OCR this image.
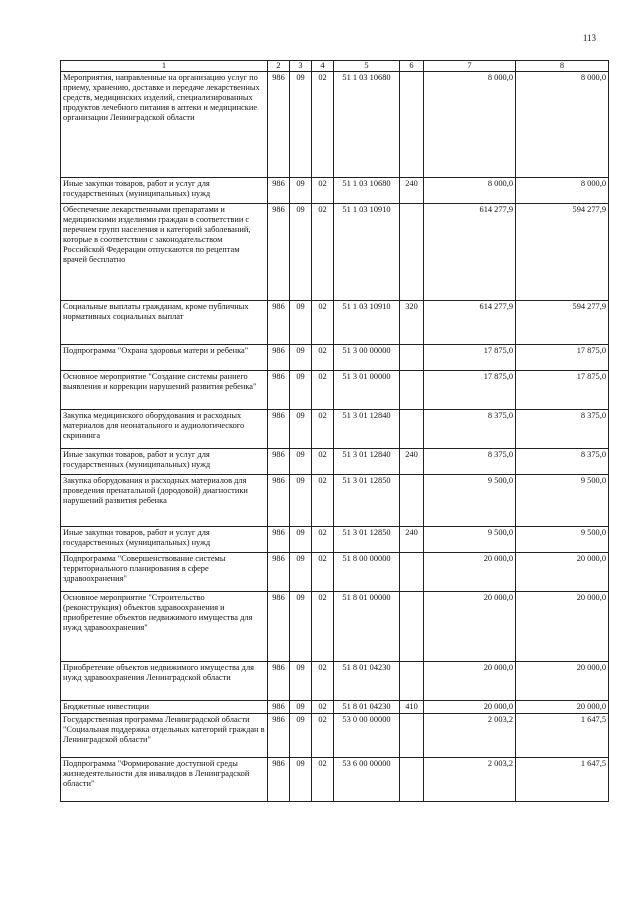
113
1	2	3	4	5	6	7	8
Мероприятия, направленные на организацию услуг по приему, хранению, доставке и передаче лекарственных средств, медицинских изделий, специализированных продуктов лечебного питания в аптеки и медицинские организации Ленинградской области	986	09	02	51 1 03 10680		8 000,0	8 000,0
Иные закупки товаров, работ и услуг для государственных (муниципальных) нужд	986	09	02	51 1 03 10680	240	8 000,0	8 000,0
Обеспечение лекарственными препаратами и медицинскими изделиями граждан в соответствии с перечнем групп населения и категорий заболеваний, которые в соответствии с законодательством Российской Федерации отпускаются по рецептам врачей бесплатно	986	09	02	51 1 03 10910		614 277,9	594 277,9
Социальные выплаты гражданам, кроме публичных нормативных социальных выплат	986	09	02	51 1 03 10910	320	614 277,9	594 277,9
Подпрограмма "Охрана здоровья матери и ребенка"	986	09	02	51 3 00 00000		17 875,0	17 875,0
Основное мероприятие "Создание системы раннего выявления и коррекции нарушений развития ребенка"	986	09	02	51 3 01 00000		17 875,0	17 875,0
Закупка медицинского оборудования и расходных материалов для неонатального и аудиологического скрининга	986	09	02	51 3 01 12840		8 375,0	8 375,0
Иные закупки товаров, работ и услуг для государственных (муниципальных) нужд	986	09	02	51 3 01 12840	240	8 375,0	8 375,0
Закупка оборудования и расходных материалов для проведения пренатальной (дородовой) диагностики нарушений развития ребенка	986	09	02	51 3 01 12850		9 500,0	9 500,0
Иные закупки товаров, работ и услуг для государственных (муниципальных) нужд	986	09	02	51 3 01 12850	240	9 500,0	9 500,0
Подпрограмма "Совершенствование системы территориального планирования в сфере здравоохранения"	986	09	02	51 8 00 00000		20 000,0	20 000,0
Основное мероприятие "Строительство (реконструкция) объектов здравоохранения и приобретение объектов недвижимого имущества для нужд здравоохранения"	986	09	02	51 8 01 00000		20 000,0	20 000,0
Приобретение объектов недвижимого имущества для нужд здравоохранения Ленинградской области	986	09	02	51 8 01 04230		20 000,0	20 000,0
Бюджетные инвестиции	986	09	02	51 8 01 04230	410	20 000,0	20 000,0
Государственная программа Ленинградской области "Социальная поддержка отдельных категорий граждан в Ленинградской области"	986	09	02	53 0 00 00000		2 003,2	1 647,5
Подпрограмма "Формирование доступной среды жизнедеятельности для инвалидов в Ленинградской области"	986	09	02	53 6 00 00000		2 003,2	1 647,5
